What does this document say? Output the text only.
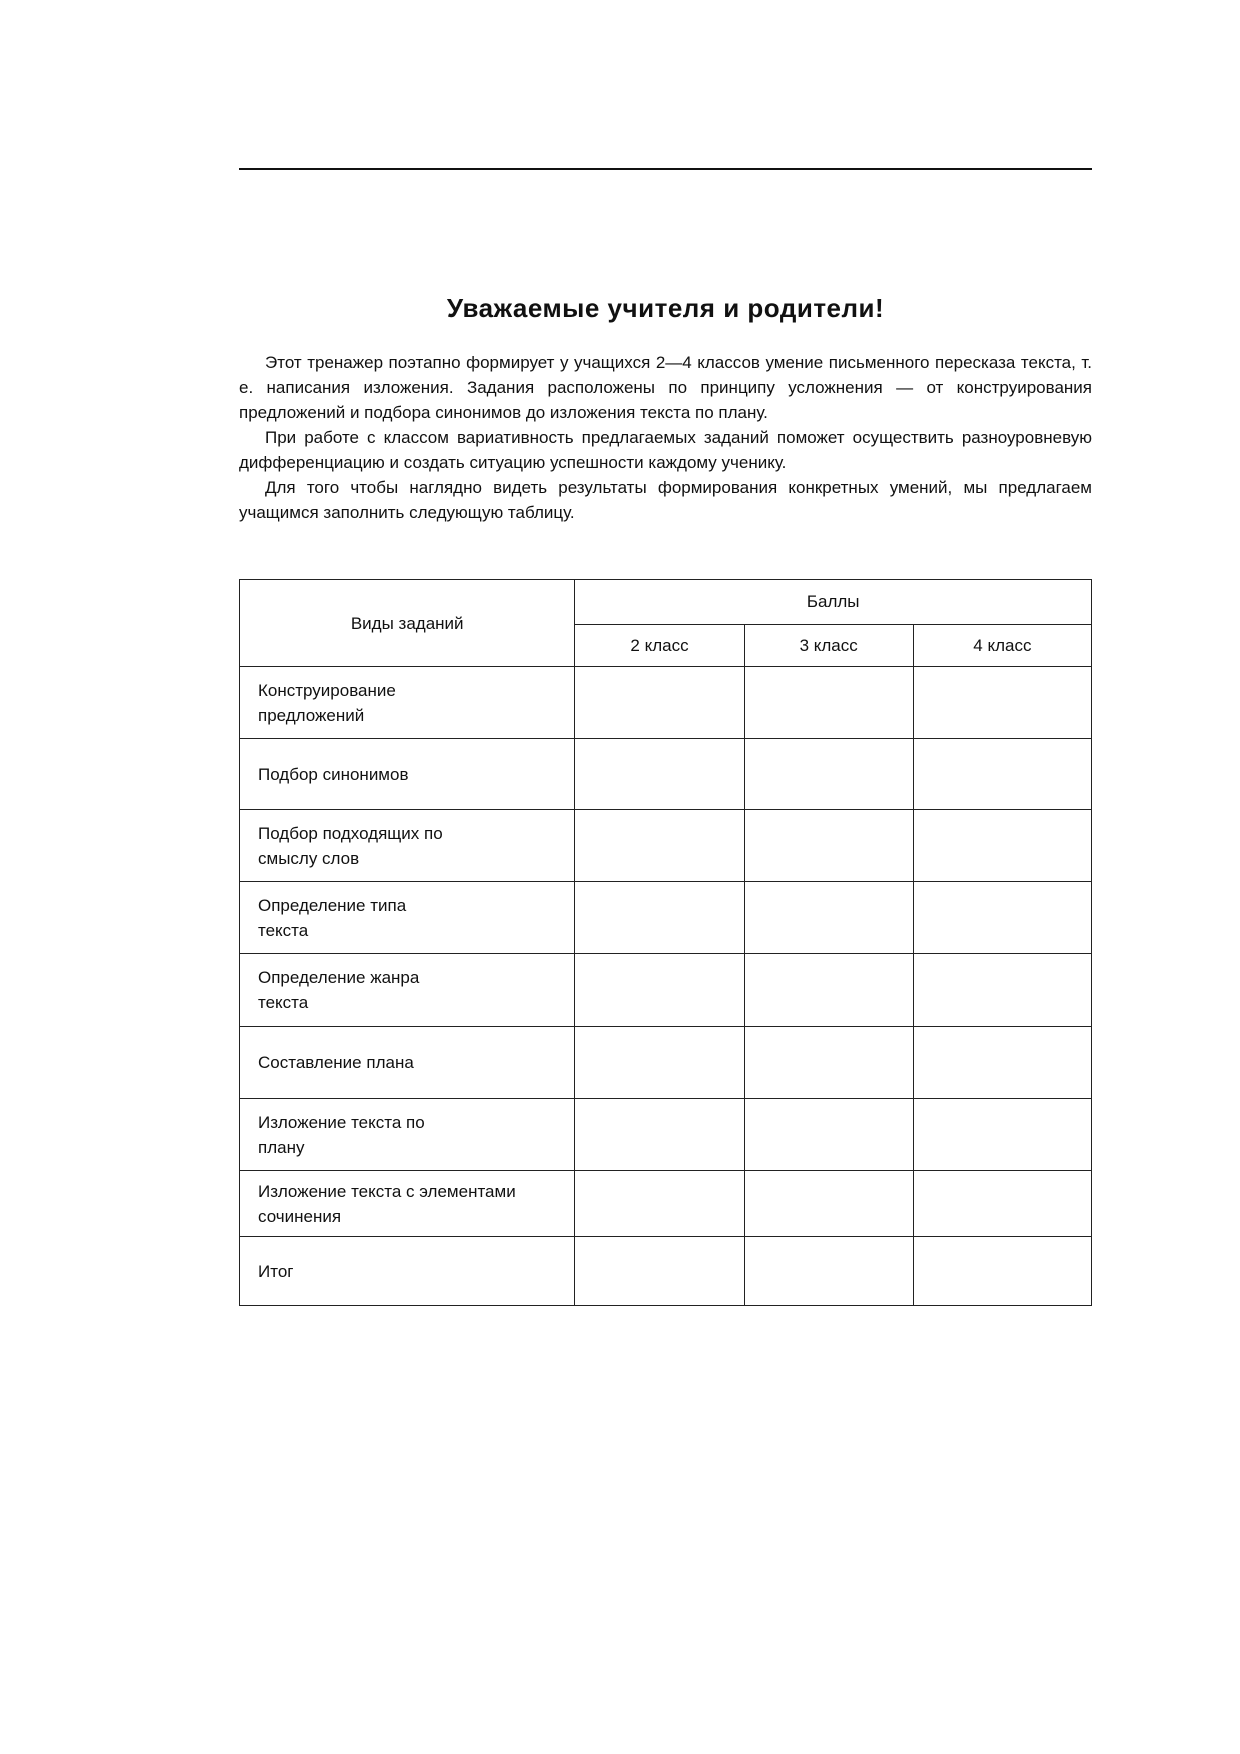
Уважаемые учителя и родители!

Этот тренажер поэтапно формирует у учащихся 2—4 классов умение письменного пересказа текста, т. е. написания изложения. Задания расположены по принципу усложнения — от конструирования предложений и подбора синонимов до изложения текста по плану.

При работе с классом вариативность предлагаемых заданий поможет осуществить разноуровневую дифференциацию и создать ситуацию успешности каждому ученику.

Для того чтобы наглядно видеть результаты формирования конкретных умений, мы предлагаем учащимся заполнить следующую таблицу.

Виды заданий	Баллы		
	2 класс	3 класс	4 класс

Конструирование предложений			

Подбор синонимов			

Подбор подходящих по смыслу слов			

Определение типа текста			

Определение жанра текста			

Составление плана			

Изложение текста по плану			

Изложение текста с элементами сочинения			

Итог			
